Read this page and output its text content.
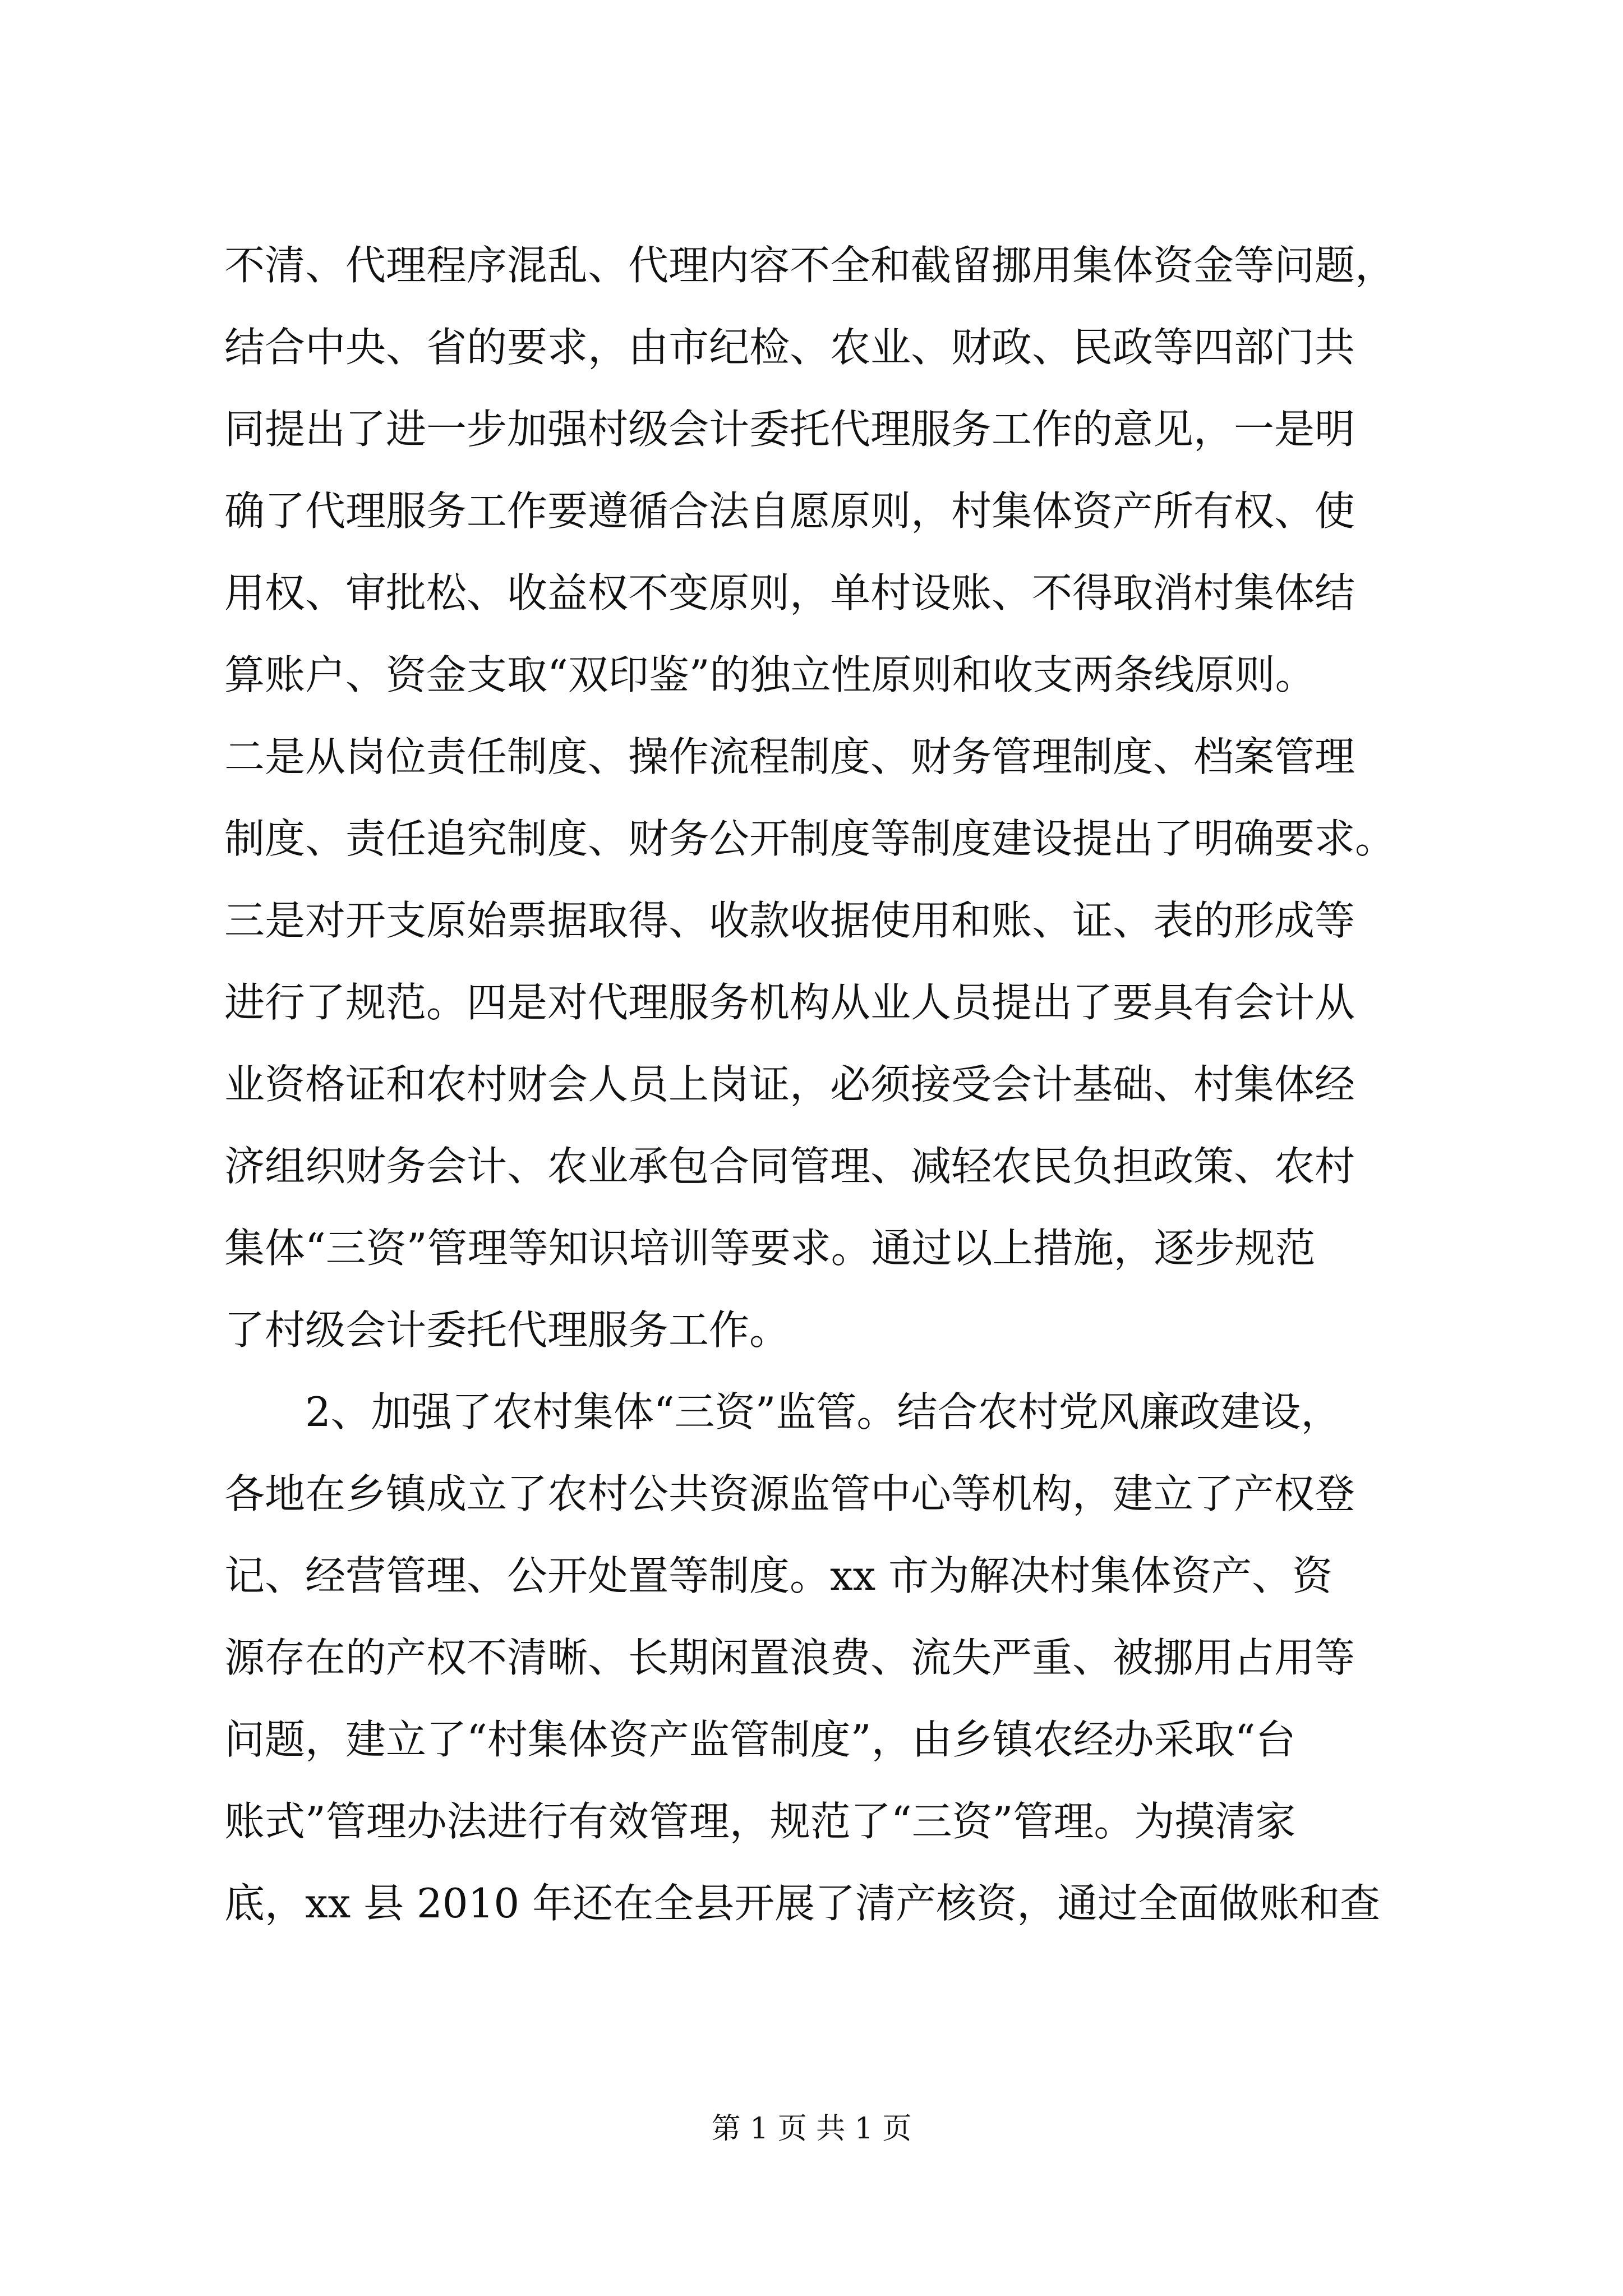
不清、代理程序混乱、代理内容不全和截留挪用集体资金等问题，
结合中央、省的要求，由市纪检、农业、财政、民政等四部门共
同提出了进一步加强村级会计委托代理服务工作的意见，一是明
确了代理服务工作要遵循合法自愿原则，村集体资产所有权、使
用权、审批松、收益权不变原则，单村设账、不得取消村集体结
算账户、资金支取“双印鉴”的独立性原则和收支两条线原则。
二是从岗位责任制度、操作流程制度、财务管理制度、档案管理
制度、责任追究制度、财务公开制度等制度建设提出了明确要求。
三是对开支原始票据取得、收款收据使用和账、证、表的形成等
进行了规范。四是对代理服务机构从业人员提出了要具有会计从
业资格证和农村财会人员上岗证，必须接受会计基础、村集体经
济组织财务会计、农业承包合同管理、减轻农民负担政策、农村
集体“三资”管理等知识培训等要求。通过以上措施，逐步规范
了村级会计委托代理服务工作。
　　2、加强了农村集体“三资”监管。结合农村党风廉政建设，
各地在乡镇成立了农村公共资源监管中心等机构，建立了产权登
记、经营管理、公开处置等制度。xx 市为解决村集体资产、资
源存在的产权不清晰、长期闲置浪费、流失严重、被挪用占用等
问题，建立了“村集体资产监管制度”，由乡镇农经办采取“台
账式”管理办法进行有效管理，规范了“三资”管理。为摸清家
底，xx 县 2010 年还在全县开展了清产核资，通过全面做账和查
第 1 页 共 1 页
